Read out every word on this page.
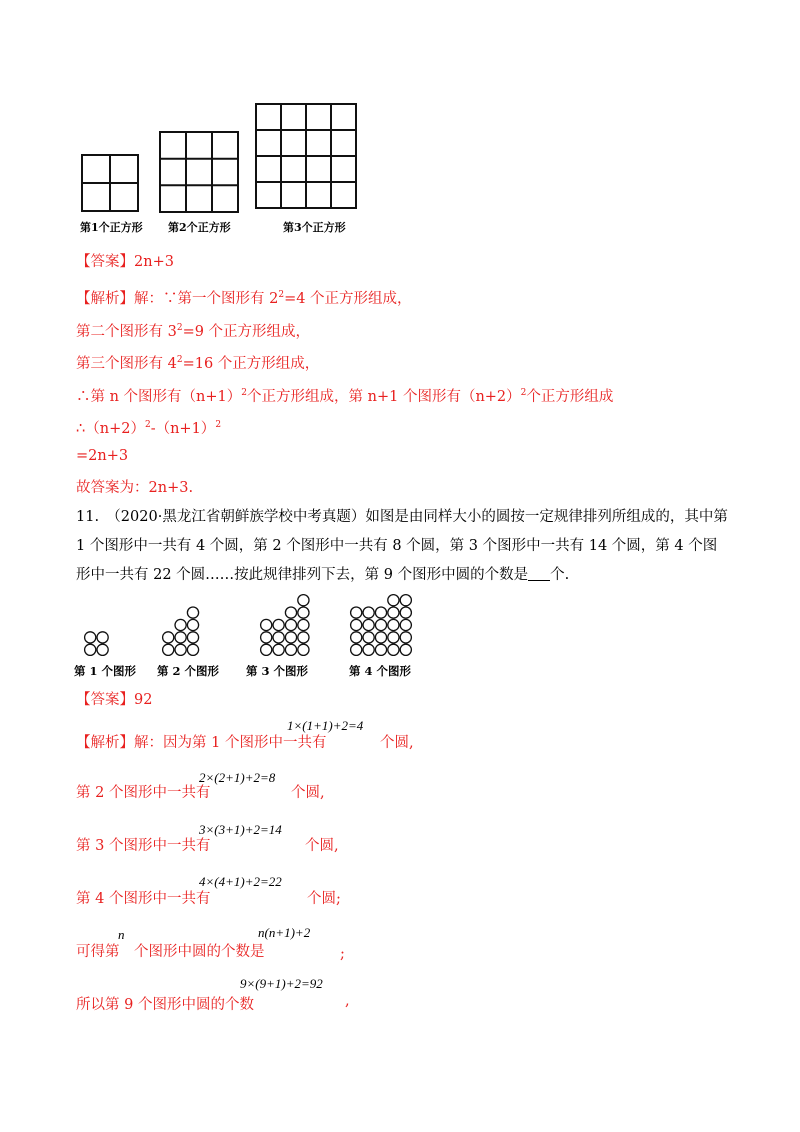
第1个正方形 第2个正方形	第3个正方形
【答案】2n+3
【解析】解：∵第一个图形有 $2^2=4$ 个正方形组成，
第二个图形有 $3^2=9$ 个正方形组成，
第三个图形有 $4^2=16$ 个正方形组成，
∴第 n 个图形有$(n+1)^2$个正方形组成，第 n+1 个图形有$(n+2)^2$个正方形组成
$\therefore(n+2)^2-(n+1)^2$
=2n+3
故答案为：2n+3.
11.　（2020·黑龙江省朝鲜族学校中考真题）如图是由同样大小的圆按一定规律排列所组成的，其中第 1 个图形中一共有 4 个圆，第 2 个图形中一共有 8 个圆，第 3 个图形中一共有 14 个圆，第 4 个图形中一共有 22 个圆……按此规律排列下去，第 9 个图形中圆的个数是 个.
第 1 个图形 第 2 个图形 第 3 个图形	第 4 个图形
【答案】92
【解析】解：因为第 1 个图形中一共有
1×(1+1)+2=4
个圆,
第 2 个图形中一共有
2×(2+1)+2=8
个圆,
第 3 个图形中一共有
3×(3+1)+2=14
个圆,
第 4 个图形中一共有
4×(4+1)+2=22
个圆;
可得第
n
个图形中圆的个数是
n(n+1)+2
;
所以第 9 个图形中圆的个数
9×(9+1)+2=92
,
